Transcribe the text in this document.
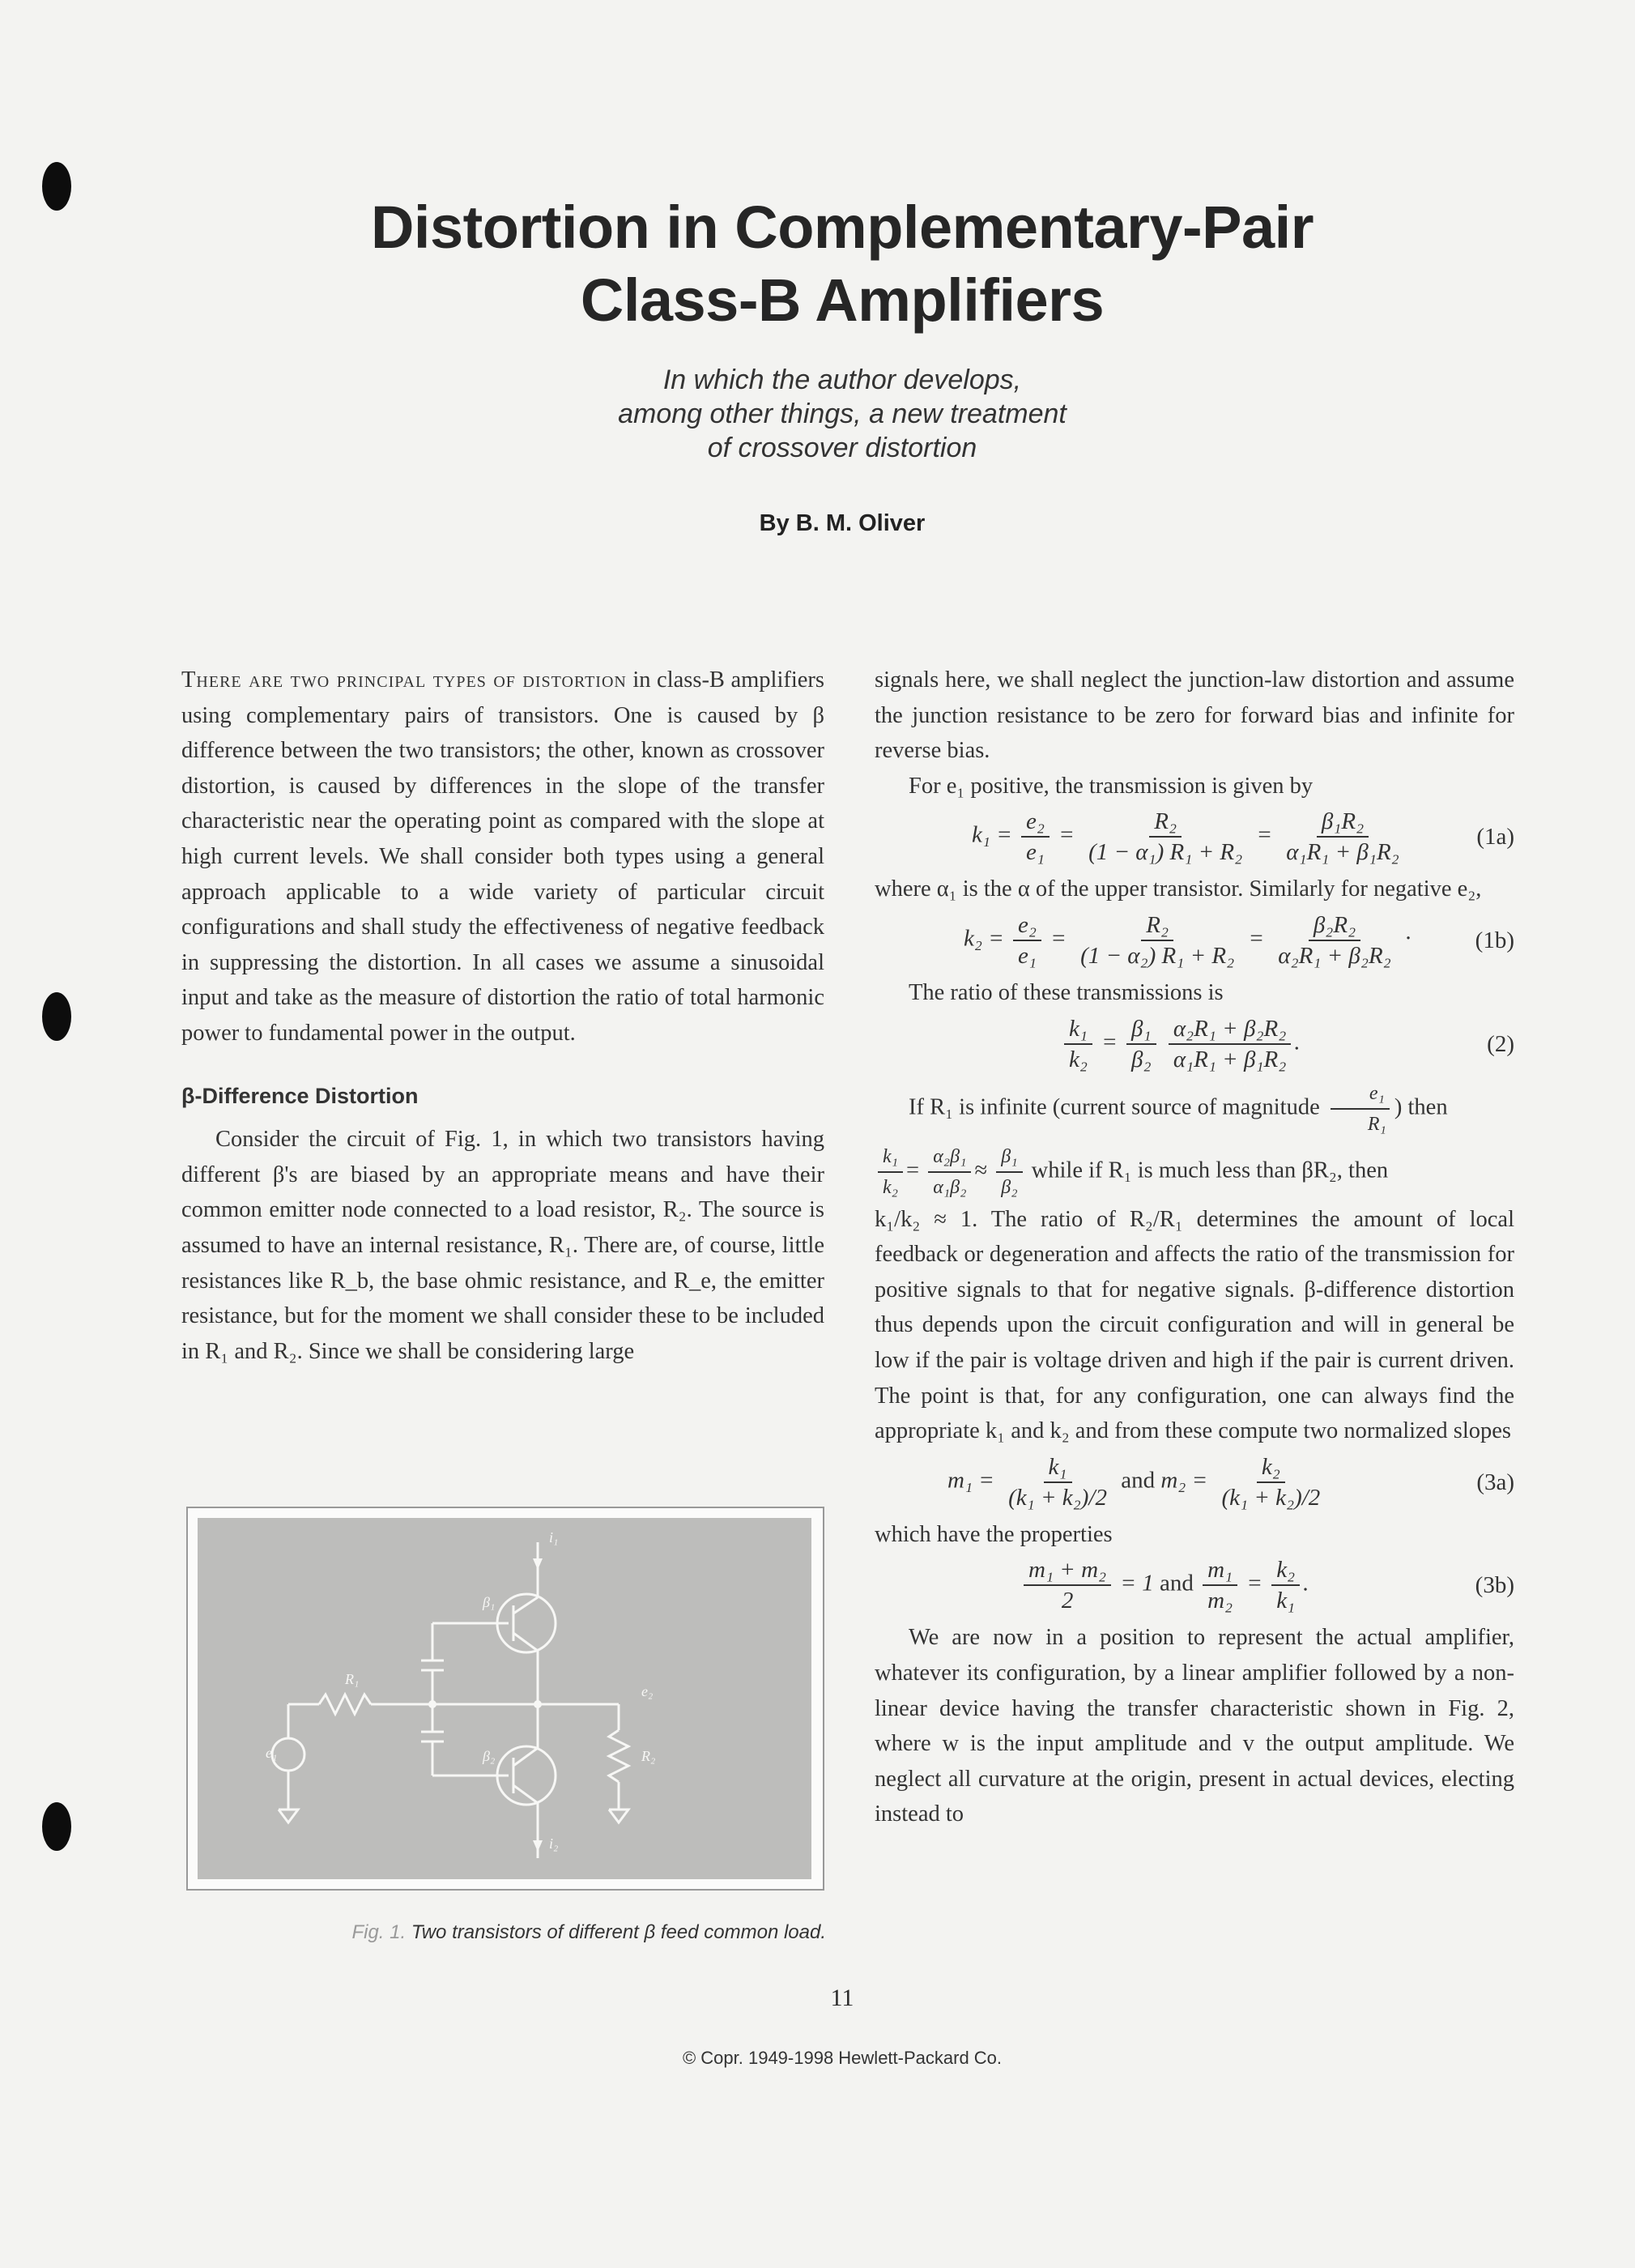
Distortion in Complementary-Pair
Class-B Amplifiers
In which the author develops,
among other things, a new treatment
of crossover distortion
By B. M. Oliver

There are two principal types of distortion in class-B amplifiers using complementary pairs of transistors. One is caused by β difference between the two transistors; the other, known as crossover distortion, is caused by differences in the slope of the transfer characteristic near the operating point as compared with the slope at high current levels. We shall consider both types using a general approach applicable to a wide variety of particular circuit configurations and shall study the effectiveness of negative feedback in suppressing the distortion. In all cases we assume a sinusoidal input and take as the measure of distortion the ratio of total harmonic power to fundamental power in the output.

β-Difference Distortion

Consider the circuit of Fig. 1, in which two transistors having different β's are biased by an appropriate means and have their common emitter node connected to a load resistor, R₂. The source is assumed to have an internal resistance, R₁. There are, of course, little resistances like R_b, the base ohmic resistance, and R_e, the emitter resistance, but for the moment we shall consider these to be included in R₁ and R₂. Since we shall be considering large

signals here, we shall neglect the junction-law distortion and assume the junction resistance to be zero for forward bias and infinite for reverse bias.

For e₁ positive, the transmission is given by

$k_1 = \frac{\text{e₂}}{\text{e₁}} = \frac{\text{R₂}}{\text{(1 − α₁) R₁ + R₂}} = \frac{\text{β₁R₂}}{\text{α₁R₁ + β₁R₂}}$	(1a)

where α₁ is the α of the upper transistor. Similarly for negative e₂,

$k_2 = \frac{\text{e₂}}{\text{e₁}} = \frac{\text{R₂}}{\text{(1 − α₂) R₁ + R₂}} = \frac{\text{β₂R₂}}{\text{α₂R₁ + β₂R₂}}$ ·	(1b)

The ratio of these transmissions is

$\frac{\text{k₁}}{\text{k₂}} = \frac{\text{β₁}}{\text{β₂}}$
$\frac{\text{α₂R₁ + β₂R₂}}{\text{α₁R₁ + β₁R₂}}$ .	(2)

If R₁ is infinite (current source of magnitude $\frac{\text{e₁}}{\text{R₁}}$ ) then

$\frac{\text{k₁}}{\text{k₂}} = \frac{\text{α₂β₁}}{\text{α₁β₂}} \approx \frac{\text{β₁}}{\text{β₂}}$ while if R₁ is much less than βR₂, then

k₁/k₂ ≈ 1. The ratio of R₂/R₁ determines the amount of local feedback or degeneration and affects the ratio of the transmission for positive signals to that for negative signals. β-difference distortion thus depends upon the circuit configuration and will in general be low if the pair is voltage driven and high if the pair is current driven. The point is that, for any configuration, one can always find the appropriate k₁ and k₂ and from these compute two normalized slopes

$m_1 = \frac{\text{k₁}}{\text{(k₁ + k₂)/2}}$ and $m_2 = \frac{\text{k₂}}{\text{(k₁ + k₂)/2}}$	(3a)

which have the properties

$\frac{\text{m₁ + m₂}}{2} = 1$ and $\frac{\text{m₁}}{\text{m₂}} = \frac{\text{k₂}}{\text{k₁}}$ .	(3b)

We are now in a position to represent the actual amplifier, whatever its configuration, by a linear amplifier followed by a non-linear device having the transfer characteristic shown in Fig. 2, where w is the input amplitude and v the output amplitude. We neglect all curvature at the origin, present in actual devices, electing instead to

R₁
β₁
β₂	R₂
e₁
e₂
i₁
i₂
Fig. 1. Two transistors of different β feed common load.
11
© Copr. 1949-1998 Hewlett-Packard Co.
